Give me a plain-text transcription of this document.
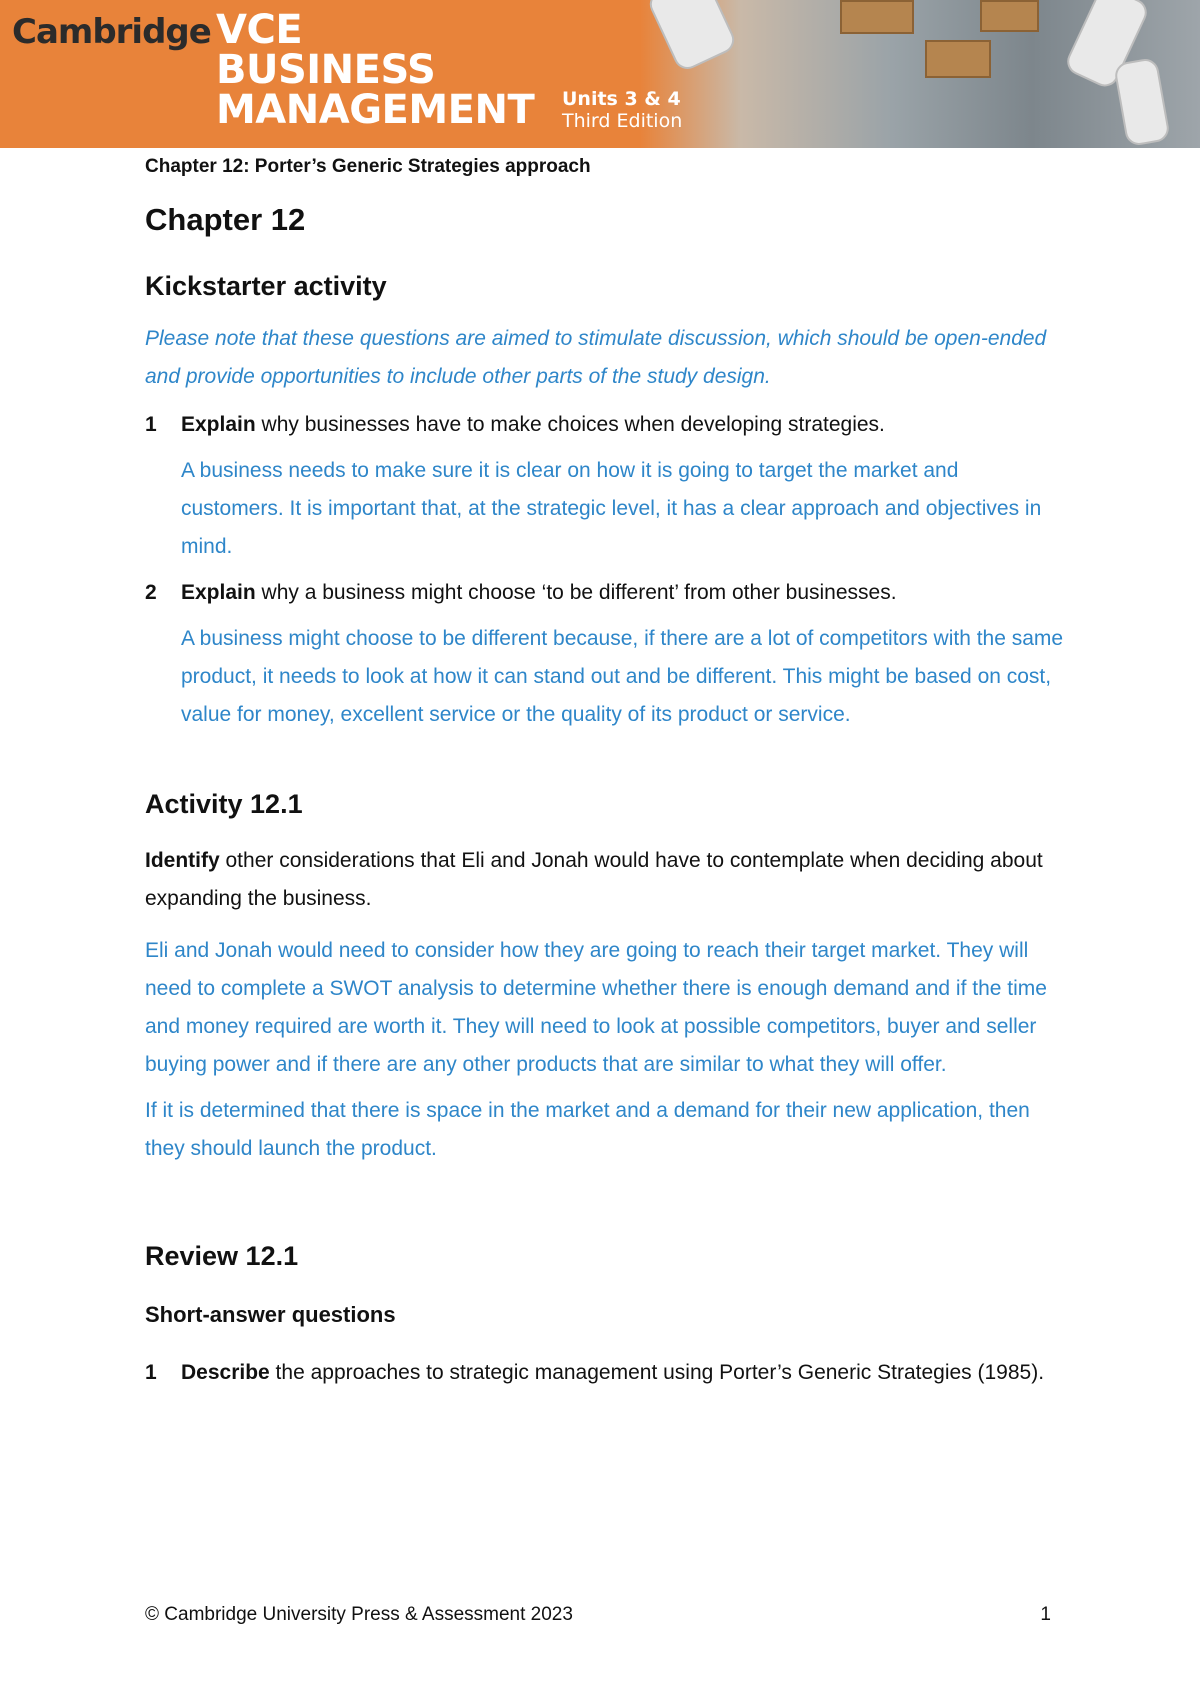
Cambridge VCE
BUSINESS
MANAGEMENT Units 3 & 4
Third Edition
Chapter 12: Porter’s Generic Strategies approach
Chapter 12
Kickstarter activity

Please note that these questions are aimed to stimulate discussion, which should be open-ended and provide opportunities to include other parts of the study design.

1	Explain why businesses have to make choices when developing strategies.

A business needs to make sure it is clear on how it is going to target the market and customers. It is important that, at the strategic level, it has a clear approach and objectives in mind.

2	Explain why a business might choose ‘to be different’ from other businesses.

A business might choose to be different because, if there are a lot of competitors with the same product, it needs to look at how it can stand out and be different. This might be based on cost, value for money, excellent service or the quality of its product or service.

Activity 12.1

Identify other considerations that Eli and Jonah would have to contemplate when deciding about expanding the business.

Eli and Jonah would need to consider how they are going to reach their target market. They will need to complete a SWOT analysis to determine whether there is enough demand and if the time and money required are worth it. They will need to look at possible competitors, buyer and seller buying power and if there are any other products that are similar to what they will offer.

If it is determined that there is space in the market and a demand for their new application, then they should launch the product.

Review 12.1
Short-answer questions
1	Describe the approaches to strategic management using Porter’s Generic Strategies (1985).

© Cambridge University Press & Assessment 2023	1
